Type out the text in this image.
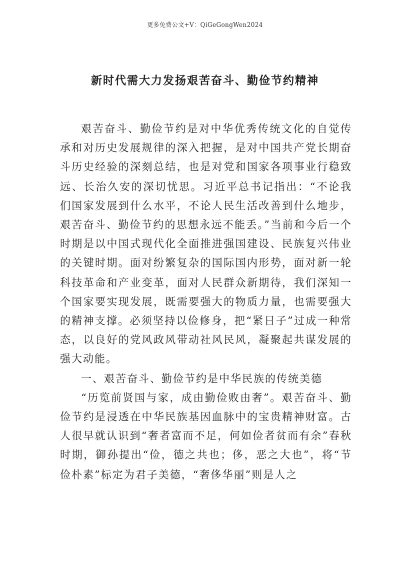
更多免费公文+V：QiGeGongWen2024
新时代需大力发扬艰苦奋斗、勤俭节约精神

艰苦奋斗、勤俭节约是对中华优秀传统文化的自觉传承和对历史发展规律的深入把握，是对中国共产党长期奋斗历史经验的深刻总结，也是对党和国家各项事业行稳致远、长治久安的深切忧思。习近平总书记指出：“不论我们国家发展到什么水平，不论人民生活改善到什么地步，艰苦奋斗、勤俭节约的思想永远不能丢。”当前和今后一个时期是以中国式现代化全面推进强国建设、民族复兴伟业的关键时期。面对纷繁复杂的国际国内形势，面对新一轮科技革命和产业变革，面对人民群众新期待，我们深知一个国家要实现发展，既需要强大的物质力量，也需要强大的精神支撑。必须坚持以俭修身，把“紧日子”过成一种常态，以良好的党风政风带动社风民风，凝聚起共谋发展的强大动能。

一、艰苦奋斗、勤俭节约是中华民族的传统美德

“历览前贤国与家，成由勤俭败由奢”。艰苦奋斗、勤俭节约是浸透在中华民族基因血脉中的宝贵精神财富。古人很早就认识到“奢者富而不足，何如俭者贫而有余”春秋时期，御孙提出“俭，德之共也；侈，恶之大也”，将“节俭朴素”标定为君子美德，“奢侈华丽”则是人之
